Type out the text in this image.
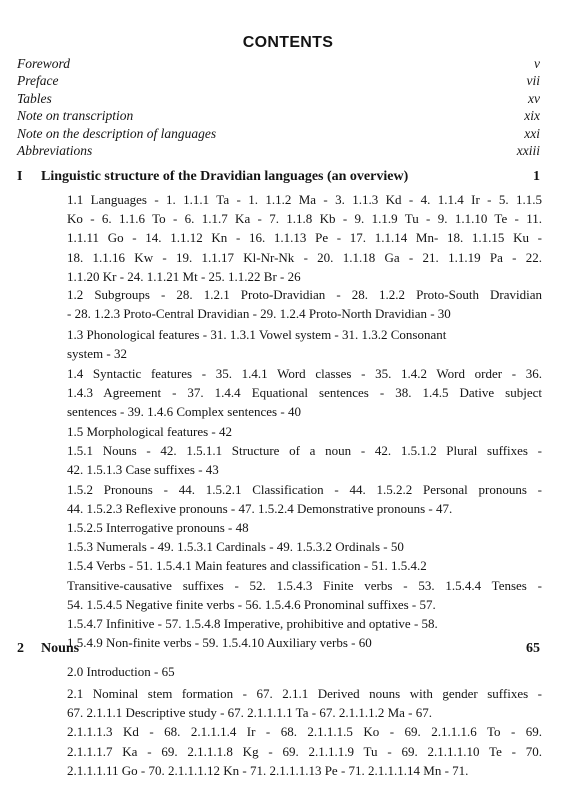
CONTENTS
Foreword	v
Preface	vii
Tables	xv
Note on transcription	xix
Note on the description of languages	xxi
Abbreviations	xxiii
I Linguistic structure of the Dravidian languages (an overview)	1
1.1 Languages - 1. 1.1.1 Ta - 1. 1.1.2 Ma - 3. 1.1.3 Kd - 4. 1.1.4 Ir - 5. 1.1.5
Ko - 6. 1.1.6 To - 6. 1.1.7 Ka - 7. 1.1.8 Kb - 9. 1.1.9 Tu - 9. 1.1.10 Te - 11.
1.1.11 Go - 14. 1.1.12 Kn - 16. 1.1.13 Pe - 17. 1.1.14 Mn- 18. 1.1.15 Ku -
18. 1.1.16 Kw - 19. 1.1.17 Kl-Nr-Nk - 20. 1.1.18 Ga - 21. 1.1.19 Pa - 22.
1.1.20 Kr - 24. 1.1.21 Mt - 25. 1.1.22 Br - 26
1.2 Subgroups - 28. 1.2.1 Proto-Dravidian - 28. 1.2.2 Proto-South Dravidian
- 28. 1.2.3 Proto-Central Dravidian - 29. 1.2.4 Proto-North Dravidian - 30
1.3 Phonological features - 31. 1.3.1 Vowel system - 31. 1.3.2 Consonant
system - 32
1.4 Syntactic features - 35. 1.4.1 Word classes - 35. 1.4.2 Word order - 36.
1.4.3 Agreement - 37. 1.4.4 Equational sentences - 38. 1.4.5 Dative subject
sentences - 39. 1.4.6 Complex sentences - 40
1.5 Morphological features - 42
1.5.1 Nouns - 42. 1.5.1.1 Structure of a noun - 42. 1.5.1.2 Plural suffixes -
42. 1.5.1.3 Case suffixes - 43
1.5.2 Pronouns - 44. 1.5.2.1 Classification - 44. 1.5.2.2 Personal pronouns -
44. 1.5.2.3 Reflexive pronouns - 47. 1.5.2.4 Demonstrative pronouns - 47.
1.5.2.5 Interrogative pronouns - 48
1.5.3 Numerals - 49. 1.5.3.1 Cardinals - 49. 1.5.3.2 Ordinals - 50
1.5.4 Verbs - 51. 1.5.4.1 Main features and classification - 51. 1.5.4.2
Transitive-causative suffixes - 52. 1.5.4.3 Finite verbs - 53. 1.5.4.4 Tenses -
54. 1.5.4.5 Negative finite verbs - 56. 1.5.4.6 Pronominal suffixes - 57.
1.5.4.7 Infinitive - 57. 1.5.4.8 Imperative, prohibitive and optative - 58.
1.5.4.9 Non-finite verbs - 59. 1.5.4.10 Auxiliary verbs - 60
2 Nouns	65
2.0 Introduction - 65
2.1 Nominal stem formation - 67. 2.1.1 Derived nouns with gender suffixes -
67. 2.1.1.1 Descriptive study - 67. 2.1.1.1.1 Ta - 67. 2.1.1.1.2 Ma - 67.
2.1.1.1.3 Kd - 68. 2.1.1.1.4 Ir - 68. 2.1.1.1.5 Ko - 69. 2.1.1.1.6 To - 69.
2.1.1.1.7 Ka - 69. 2.1.1.1.8 Kg - 69. 2.1.1.1.9 Tu - 69. 2.1.1.1.10 Te - 70.
2.1.1.1.11 Go - 70. 2.1.1.1.12 Kn - 71. 2.1.1.1.13 Pe - 71. 2.1.1.1.14 Mn - 71.
